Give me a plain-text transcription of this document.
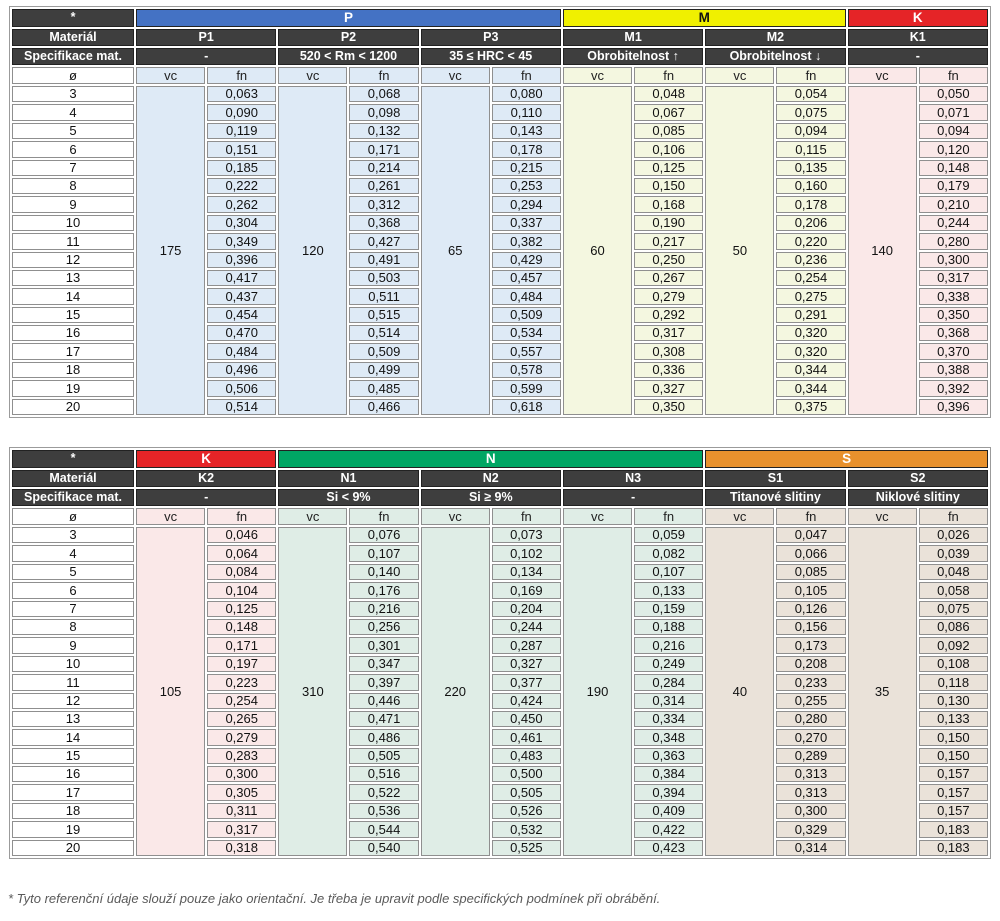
*	P						M				K	
Materiál	P1		P2		P3		M1		M2		K1	
Specifikace mat.	-		520 < Rm < 1200		35 ≤ HRC < 45		Obrobitelnost ↑		Obrobitelnost ↓		-	
ø	vc	fn	vc	fn	vc	fn	vc	fn	vc	fn	vc	fn
3	175	0,063	120	0,068	65	0,080	60	0,048	50	0,054	140	0,050
4		0,090		0,098		0,110		0,067		0,075		0,071
5		0,119		0,132		0,143		0,085		0,094		0,094
6		0,151		0,171		0,178		0,106		0,115		0,120
7		0,185		0,214		0,215		0,125		0,135		0,148
8		0,222		0,261		0,253		0,150		0,160		0,179
9		0,262		0,312		0,294		0,168		0,178		0,210
10		0,304		0,368		0,337		0,190		0,206		0,244
11		0,349		0,427		0,382		0,217		0,220		0,280
12		0,396		0,491		0,429		0,250		0,236		0,300
13		0,417		0,503		0,457		0,267		0,254		0,317
14		0,437		0,511		0,484		0,279		0,275		0,338
15		0,454		0,515		0,509		0,292		0,291		0,350
16		0,470		0,514		0,534		0,317		0,320		0,368
17		0,484		0,509		0,557		0,308		0,320		0,370
18		0,496		0,499		0,578		0,336		0,344		0,388
19		0,506		0,485		0,599		0,327		0,344		0,392
20		0,514		0,466		0,618		0,350		0,375		0,396
*	K		N						S			
Materiál	K2		N1		N2		N3		S1		S2	
Specifikace mat.	-		Si < 9%		Si ≥ 9%		-		Titanové slitiny		Niklové slitiny	
ø	vc	fn	vc	fn	vc	fn	vc	fn	vc	fn	vc	fn
3	105	0,046	310	0,076	220	0,073	190	0,059	40	0,047	35	0,026
4		0,064		0,107		0,102		0,082		0,066		0,039
5		0,084		0,140		0,134		0,107		0,085		0,048
6		0,104		0,176		0,169		0,133		0,105		0,058
7		0,125		0,216		0,204		0,159		0,126		0,075
8		0,148		0,256		0,244		0,188		0,156		0,086
9		0,171		0,301		0,287		0,216		0,173		0,092
10		0,197		0,347		0,327		0,249		0,208		0,108
11		0,223		0,397		0,377		0,284		0,233		0,118
12		0,254		0,446		0,424		0,314		0,255		0,130
13		0,265		0,471		0,450		0,334		0,280		0,133
14		0,279		0,486		0,461		0,348		0,270		0,150
15		0,283		0,505		0,483		0,363		0,289		0,150
16		0,300		0,516		0,500		0,384		0,313		0,157
17		0,305		0,522		0,505		0,394		0,313		0,157
18		0,311		0,536		0,526		0,409		0,300		0,157
19		0,317		0,544		0,532		0,422		0,329		0,183
20		0,318		0,540		0,525		0,423		0,314		0,183
* Tyto referenční údaje slouží pouze jako orientační. Je třeba je upravit podle specifických podmínek při obrábění.
